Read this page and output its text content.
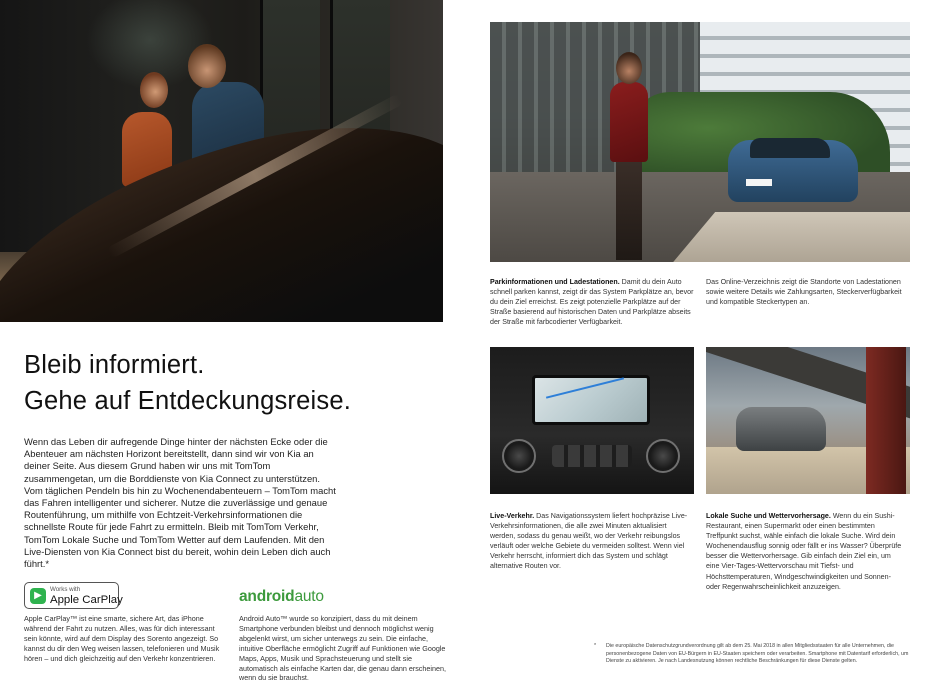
Parkinformationen und Ladestationen. Damit du dein Auto schnell parken kannst, zeigt dir das System Parkplätze an, bevor du dein Ziel erreichst. Es zeigt potenzielle Parkplätze auf der Straße basierend auf historischen Daten und Parkplätze abseits der Straße mit farbcodierter Verfügbarkeit.
Das Online-Verzeichnis zeigt die Standorte von Ladestationen sowie weitere Details wie Zahlungsarten, Steckerverfügbarkeit und kompatible Steckertypen an.
Bleib informiert.
Gehe auf Entdeckungsreise.
Wenn das Leben dir aufregende Dinge hinter der nächsten Ecke oder die Abenteuer am nächsten Horizont bereitstellt, dann sind wir von Kia an deiner Seite. Aus diesem Grund haben wir uns mit TomTom zusammengetan, um die Borddienste von Kia Connect zu unterstützen. Vom täglichen Pendeln bis hin zu Wochenendabenteuern – TomTom macht das Fahren intelligenter und sicherer. Nutze die zuverlässige und genaue Routenführung, um mithilfe von Echtzeit-Verkehrsinformationen die schnellste Route für jede Fahrt zu ermitteln. Bleib mit TomTom Verkehr, TomTom Lokale Suche und TomTom Wetter auf dem Laufenden. Mit den Live-Diensten von Kia Connect bist du bereit, wohin dein Leben dich auch führt.*
Live-Verkehr. Das Navigationssystem liefert hochpräzise Live-Verkehrsinformationen, die alle zwei Minuten aktualisiert werden, sodass du genau weißt, wo der Verkehr reibungslos verläuft oder welche Gebiete du vermeiden solltest. Wenn viel Verkehr herrscht, informiert dich das System und schlägt alternative Routen vor.
Lokale Suche und Wettervorhersage. Wenn du ein Sushi-Restaurant, einen Supermarkt oder einen bestimmten Treffpunkt suchst, wähle einfach die lokale Suche. Wird dein Wochenendausflug sonnig oder fällt er ins Wasser? Überprüfe besser die Wettervorhersage. Gib einfach dein Ziel ein, um eine Vier-Tages-Wettervorschau mit Tiefst- und Höchsttemperaturen, Windgeschwindigkeiten und Sonnen- oder Regenwahrscheinlichkeit anzuzeigen.
▶
Works with
Apple CarPlay	androidauto
Apple CarPlay™ ist eine smarte, sichere Art, das iPhone während der Fahrt zu nutzen. Alles, was für dich interessant sein könnte, wird auf dem Display des Sorento angezeigt. So kannst du dir den Weg weisen lassen, telefonieren und Musik hören – und dich gleichzeitig auf den Verkehr konzentrieren.
Android Auto™ wurde so konzipiert, dass du mit deinem Smartphone verbunden bleibst und dennoch möglichst wenig abgelenkt wirst, um sicher unterwegs zu sein. Die einfache, intuitive Oberfläche ermöglicht Zugriff auf Funktionen wie Google Maps, Apps, Musik und Sprachsteuerung und stellt sie automatisch als einfache Karten dar, die genau dann erscheinen, wenn du sie brauchst.
* Die europäische Datenschutzgrundverordnung gilt ab dem 25. Mai 2018 in allen Mitgliedsstaaten für alle Unternehmen, die personenbezogene Daten von EU-Bürgern in EU-Staaten speichern oder verarbeiten. Smartphone mit Datentarif erforderlich, um Dienste zu aktivieren. Je nach Landesnutzung können rechtliche Beschränkungen für diese Dienste gelten.
